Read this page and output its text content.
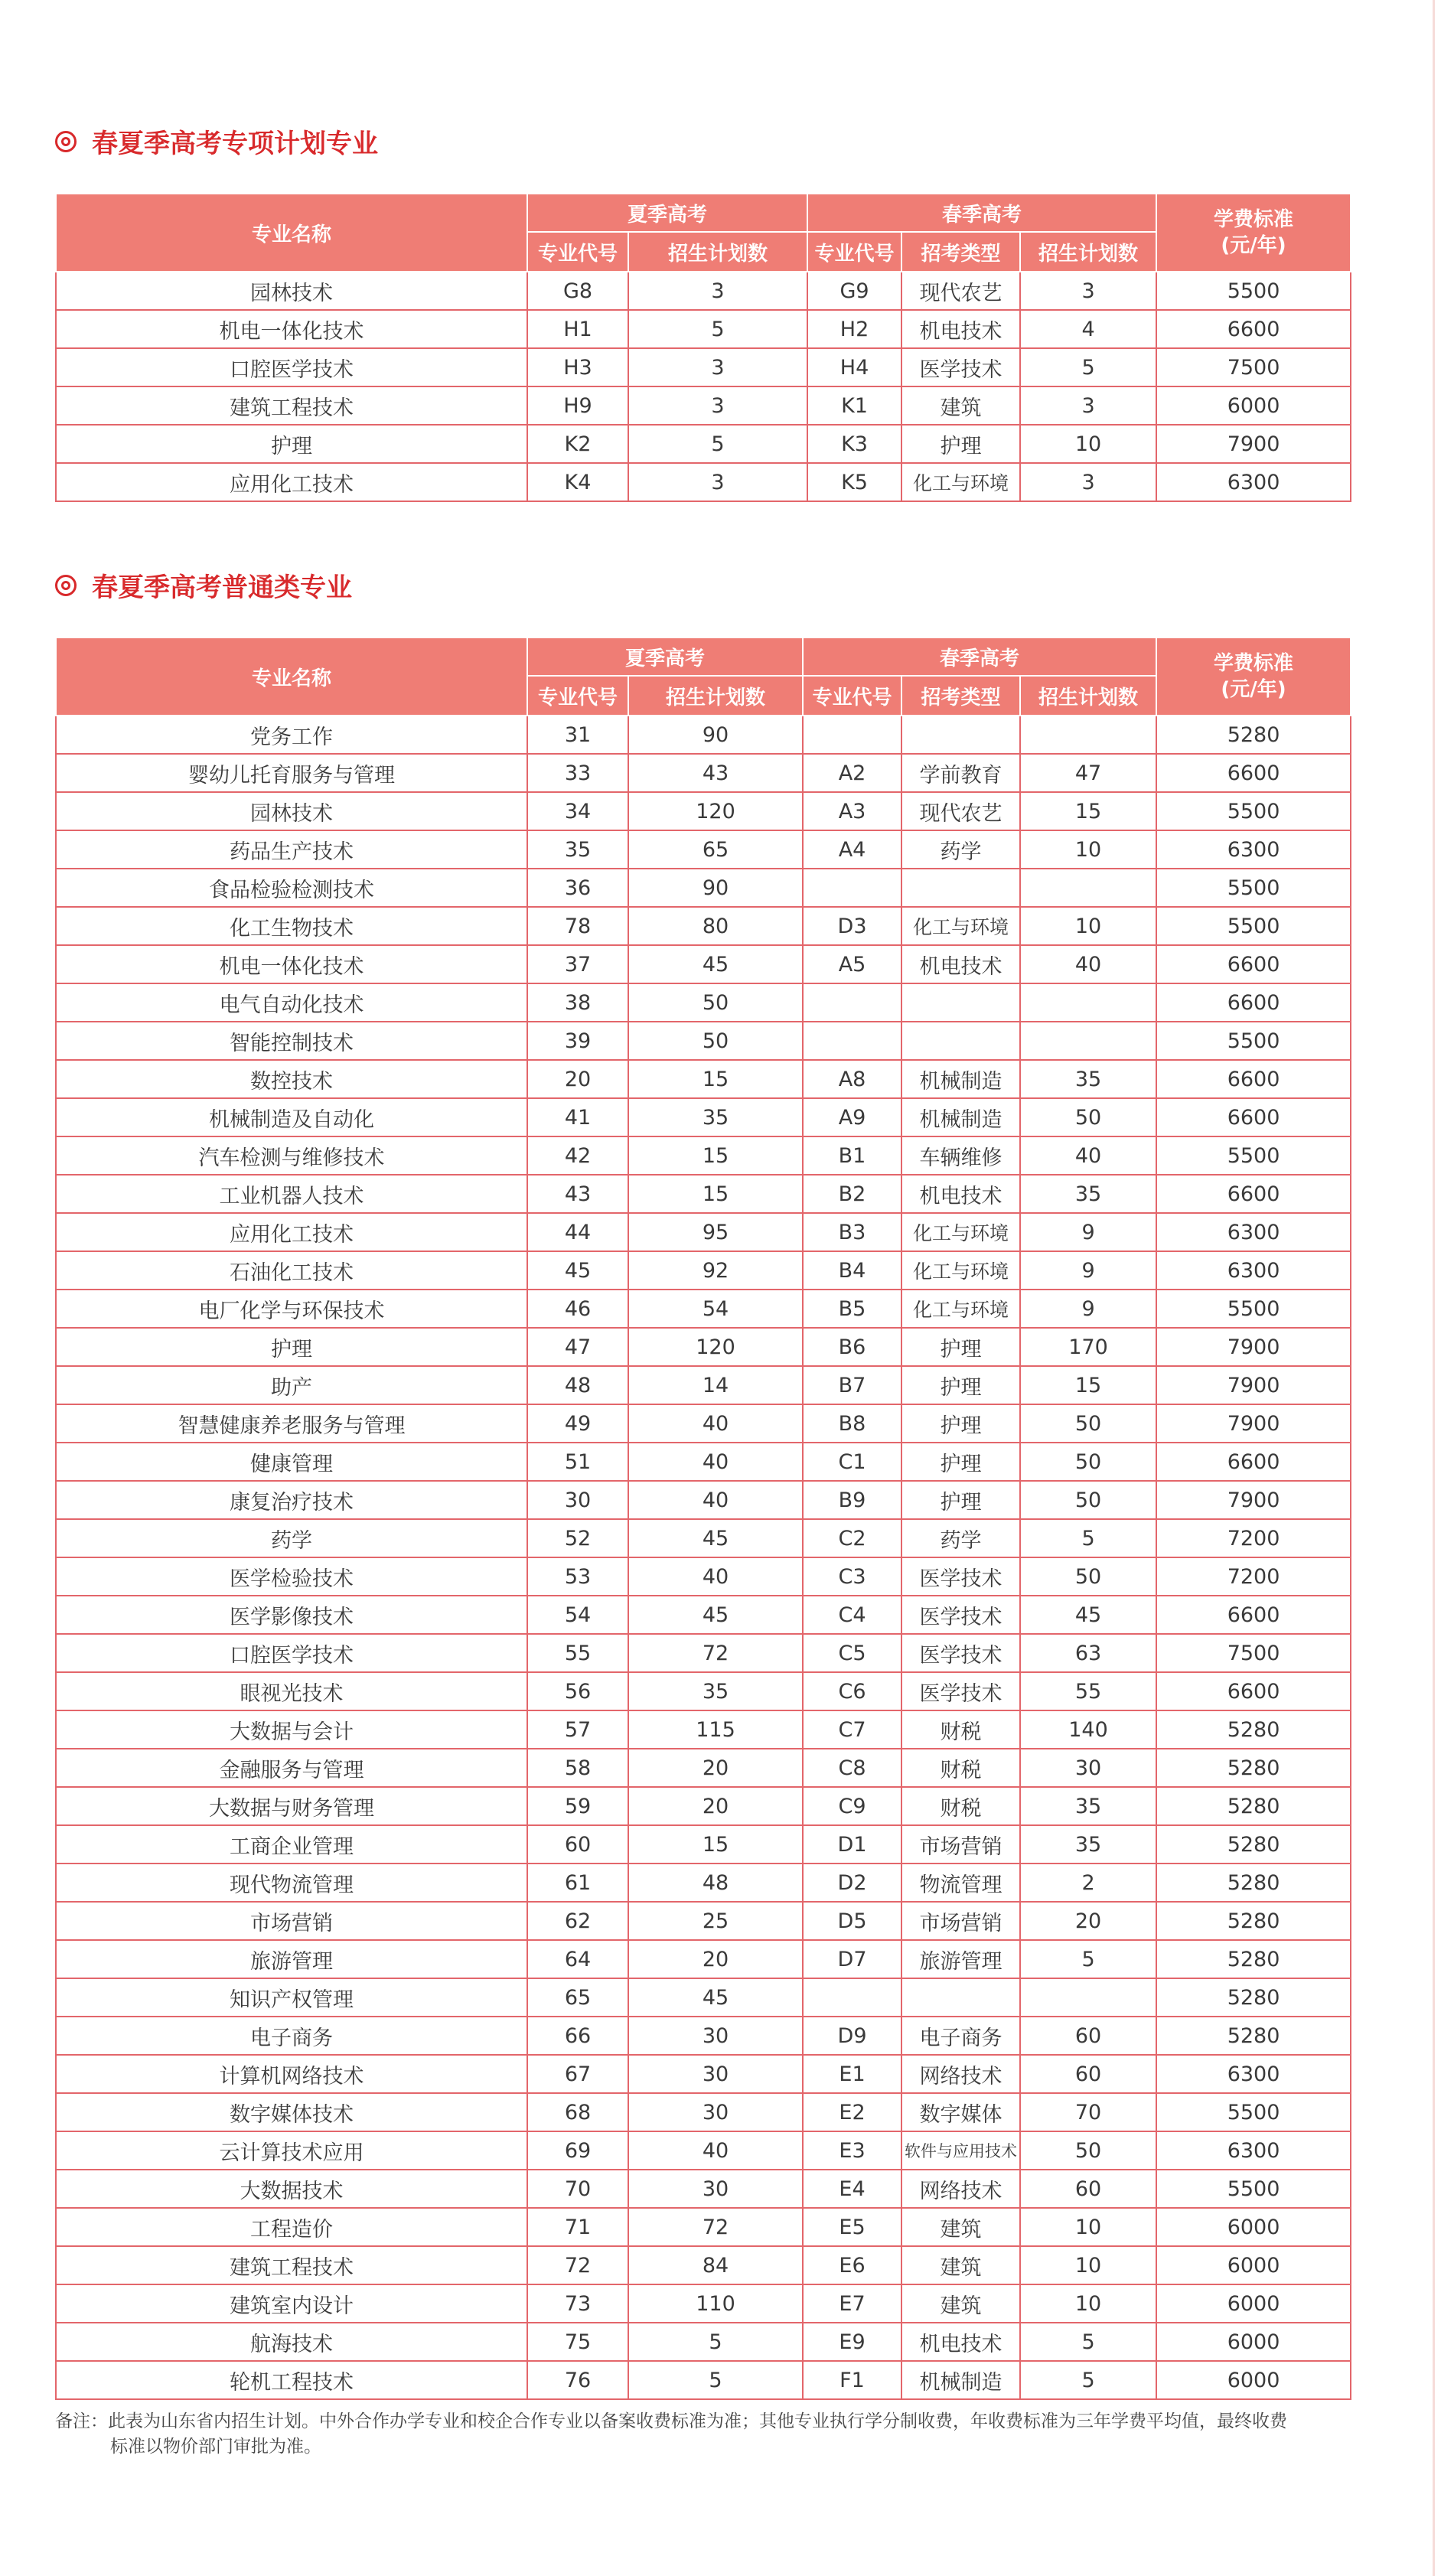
春夏季高考专项计划专业
专业名称	夏季高考		春季高考			学费标准
(元/年)
	专业代号	招生计划数	专业代号	招考类型	招生计划数	
园林技术	G8	3	G9	现代农艺	3	5500
机电一体化技术	H1	5	H2	机电技术	4	6600
口腔医学技术	H3	3	H4	医学技术	5	7500
建筑工程技术	H9	3	K1	建筑	3	6000
护理	K2	5	K3	护理	10	7900
应用化工技术	K4	3	K5	化工与环境	3	6300
春夏季高考普通类专业
专业名称	夏季高考		春季高考			学费标准
(元/年)
	专业代号	招生计划数	专业代号	招考类型	招生计划数	
党务工作	31	90				5280
婴幼儿托育服务与管理	33	43	A2	学前教育	47	6600
园林技术	34	120	A3	现代农艺	15	5500
药品生产技术	35	65	A4	药学	10	6300
食品检验检测技术	36	90				5500
化工生物技术	78	80	D3	化工与环境	10	5500
机电一体化技术	37	45	A5	机电技术	40	6600
电气自动化技术	38	50				6600
智能控制技术	39	50				5500
数控技术	20	15	A8	机械制造	35	6600
机械制造及自动化	41	35	A9	机械制造	50	6600
汽车检测与维修技术	42	15	B1	车辆维修	40	5500
工业机器人技术	43	15	B2	机电技术	35	6600
应用化工技术	44	95	B3	化工与环境	9	6300
石油化工技术	45	92	B4	化工与环境	9	6300
电厂化学与环保技术	46	54	B5	化工与环境	9	5500
护理	47	120	B6	护理	170	7900
助产	48	14	B7	护理	15	7900
智慧健康养老服务与管理	49	40	B8	护理	50	7900
健康管理	51	40	C1	护理	50	6600
康复治疗技术	30	40	B9	护理	50	7900
药学	52	45	C2	药学	5	7200
医学检验技术	53	40	C3	医学技术	50	7200
医学影像技术	54	45	C4	医学技术	45	6600
口腔医学技术	55	72	C5	医学技术	63	7500
眼视光技术	56	35	C6	医学技术	55	6600
大数据与会计	57	115	C7	财税	140	5280
金融服务与管理	58	20	C8	财税	30	5280
大数据与财务管理	59	20	C9	财税	35	5280
工商企业管理	60	15	D1	市场营销	35	5280
现代物流管理	61	48	D2	物流管理	2	5280
市场营销	62	25	D5	市场营销	20	5280
旅游管理	64	20	D7	旅游管理	5	5280
知识产权管理	65	45				5280
电子商务	66	30	D9	电子商务	60	5280
计算机网络技术	67	30	E1	网络技术	60	6300
数字媒体技术	68	30	E2	数字媒体	70	5500
云计算技术应用	69	40	E3	软件与应用技术	50	6300
大数据技术	70	30	E4	网络技术	60	5500
工程造价	71	72	E5	建筑	10	6000
建筑工程技术	72	84	E6	建筑	10	6000
建筑室内设计	73	110	E7	建筑	10	6000
航海技术	75	5	E9	机电技术	5	6000
轮机工程技术	76	5	F1	机械制造	5	6000
备注：此表为山东省内招生计划。中外合作办学专业和校企合作专业以备案收费标准为准；其他专业执行学分制收费，年收费标准为三年学费平均值，最终收费
标准以物价部门审批为准。
